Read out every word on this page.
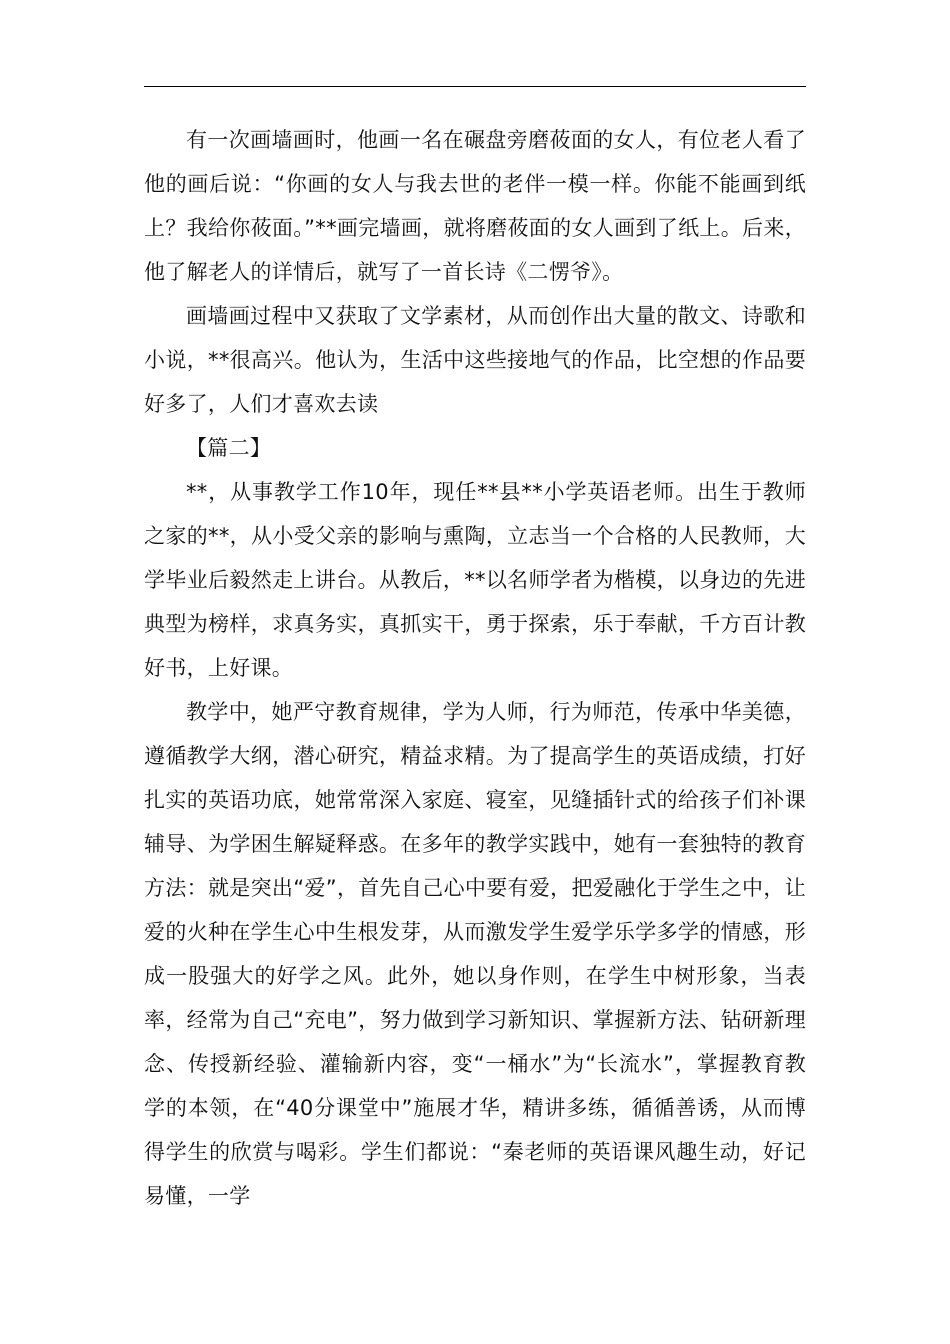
有一次画墙画时，他画一名在碾盘旁磨莜面的女人，有位老人看了他的画后说：“你画的女人与我去世的老伴一模一样。你能不能画到纸上？我给你莜面。”**画完墙画，就将磨莜面的女人画到了纸上。后来，他了解老人的详情后，就写了一首长诗《二愣爷》。

画墙画过程中又获取了文学素材，从而创作出大量的散文、诗歌和小说，**很高兴。他认为，生活中这些接地气的作品，比空想的作品要好多了，人们才喜欢去读

【篇二】

**，从事教学工作10年，现任**县**小学英语老师。出生于教师之家的**，从小受父亲的影响与熏陶，立志当一个合格的人民教师，大学毕业后毅然走上讲台。从教后，**以名师学者为楷模，以身边的先进典型为榜样，求真务实，真抓实干，勇于探索，乐于奉献，千方百计教好书，上好课。

教学中，她严守教育规律，学为人师，行为师范，传承中华美德，遵循教学大纲，潜心研究，精益求精。为了提高学生的英语成绩，打好扎实的英语功底，她常常深入家庭、寝室，见缝插针式的给孩子们补课辅导、为学困生解疑释惑。在多年的教学实践中，她有一套独特的教育方法：就是突出“爱”，首先自己心中要有爱，把爱融化于学生之中，让爱的火种在学生心中生根发芽，从而激发学生爱学乐学多学的情感，形成一股强大的好学之风。此外，她以身作则，在学生中树形象，当表率，经常为自己“充电”，努力做到学习新知识、掌握新方法、钻研新理念、传授新经验、灌输新内容，变“一桶水”为“长流水”，掌握教育教学的本领，在“40分课堂中”施展才华，精讲多练，循循善诱，从而博得学生的欣赏与喝彩。学生们都说：“秦老师的英语课风趣生动，好记易懂，一学
